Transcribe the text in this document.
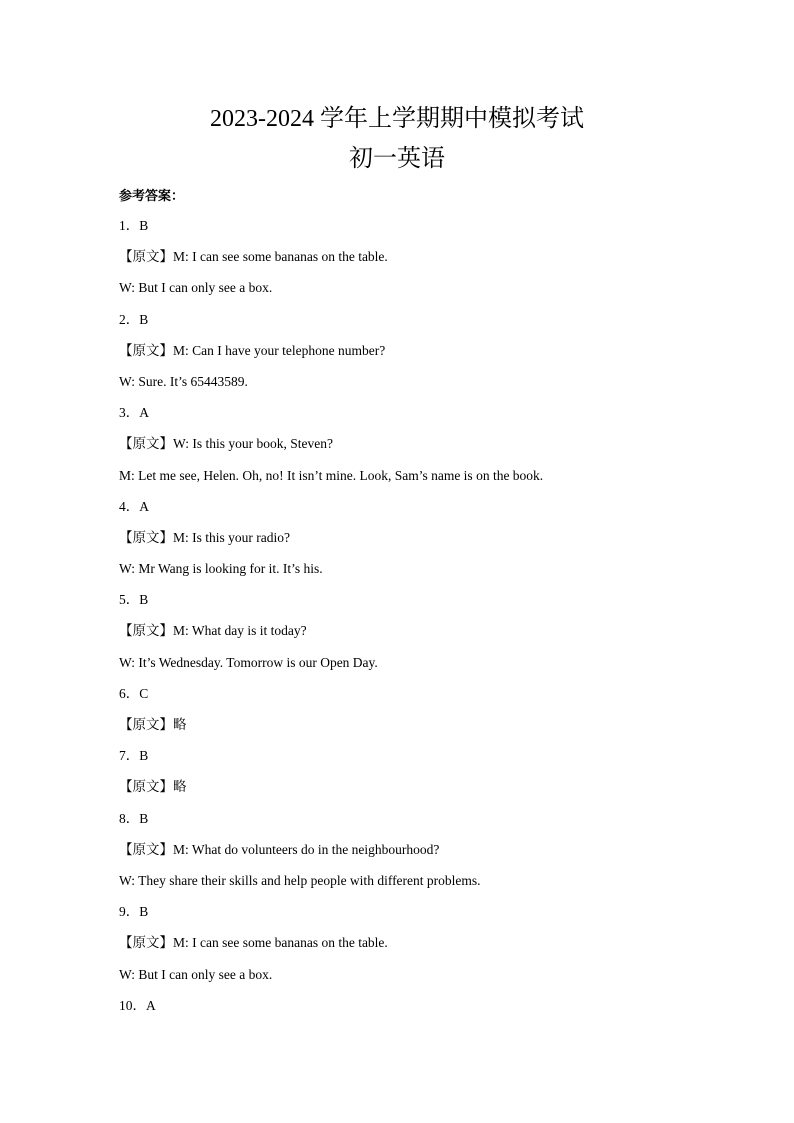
2023-2024 学年上学期期中模拟考试
初一英语
参考答案：
1．B
【原文】M: I can see some bananas on the table.
W: But I can only see a box.
2．B
【原文】M: Can I have your telephone number?
W: Sure. It’s 65443589.
3．A
【原文】W: Is this your book, Steven?
M: Let me see, Helen. Oh, no! It isn’t mine. Look, Sam’s name is on the book.
4．A
【原文】M: Is this your radio?
W: Mr Wang is looking for it. It’s his.
5．B
【原文】M: What day is it today?
W: It’s Wednesday. Tomorrow is our Open Day.
6．C
【原文】略
7．B
【原文】略
8．B
【原文】M: What do volunteers do in the neighbourhood?
W: They share their skills and help people with different problems.
9．B
【原文】M: I can see some bananas on the table.
W: But I can only see a box.
10．A
